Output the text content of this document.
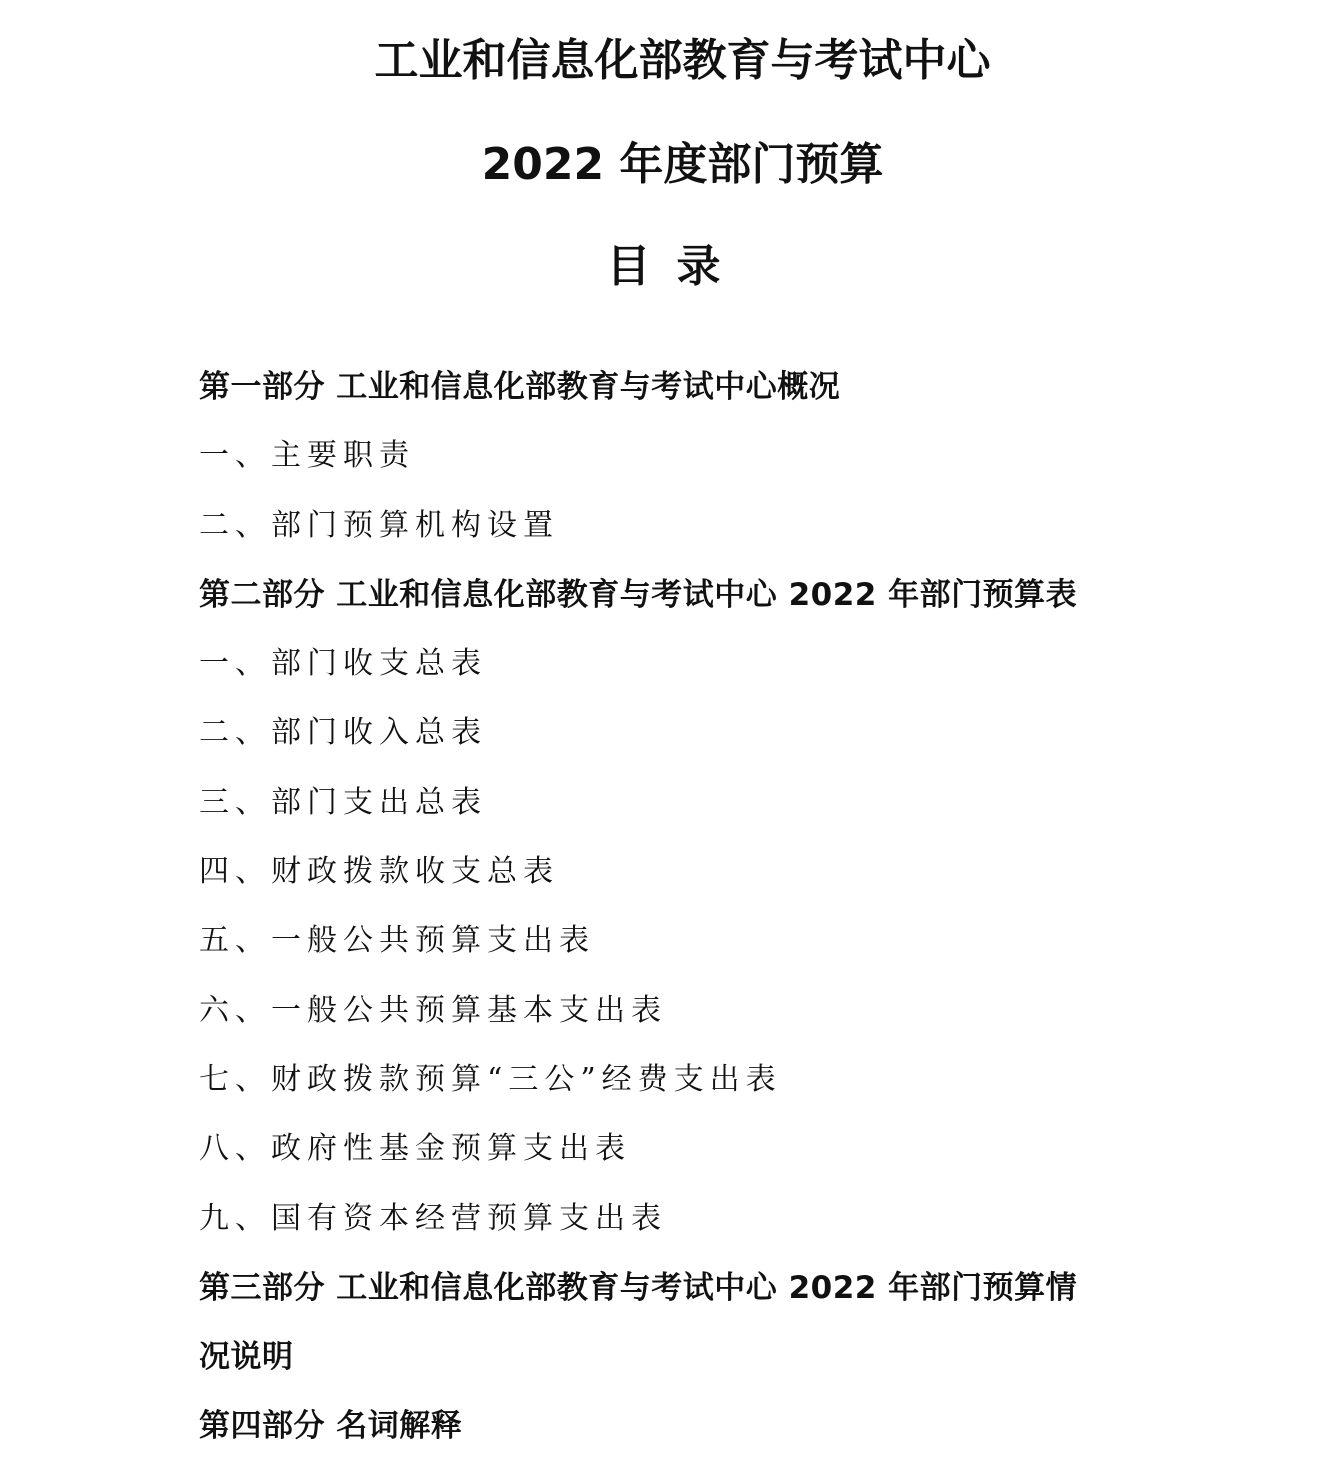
工业和信息化部教育与考试中心
2022 年度部门预算
目录
第一部分 工业和信息化部教育与考试中心概况
一、主要职责
二、部门预算机构设置
第二部分 工业和信息化部教育与考试中心 2022 年部门预算表
一、部门收支总表
二、部门收入总表
三、部门支出总表
四、财政拨款收支总表
五、一般公共预算支出表
六、一般公共预算基本支出表
七、财政拨款预算“三公”经费支出表
八、政府性基金预算支出表
九、国有资本经营预算支出表
第三部分 工业和信息化部教育与考试中心 2022 年部门预算情
况说明
第四部分 名词解释
